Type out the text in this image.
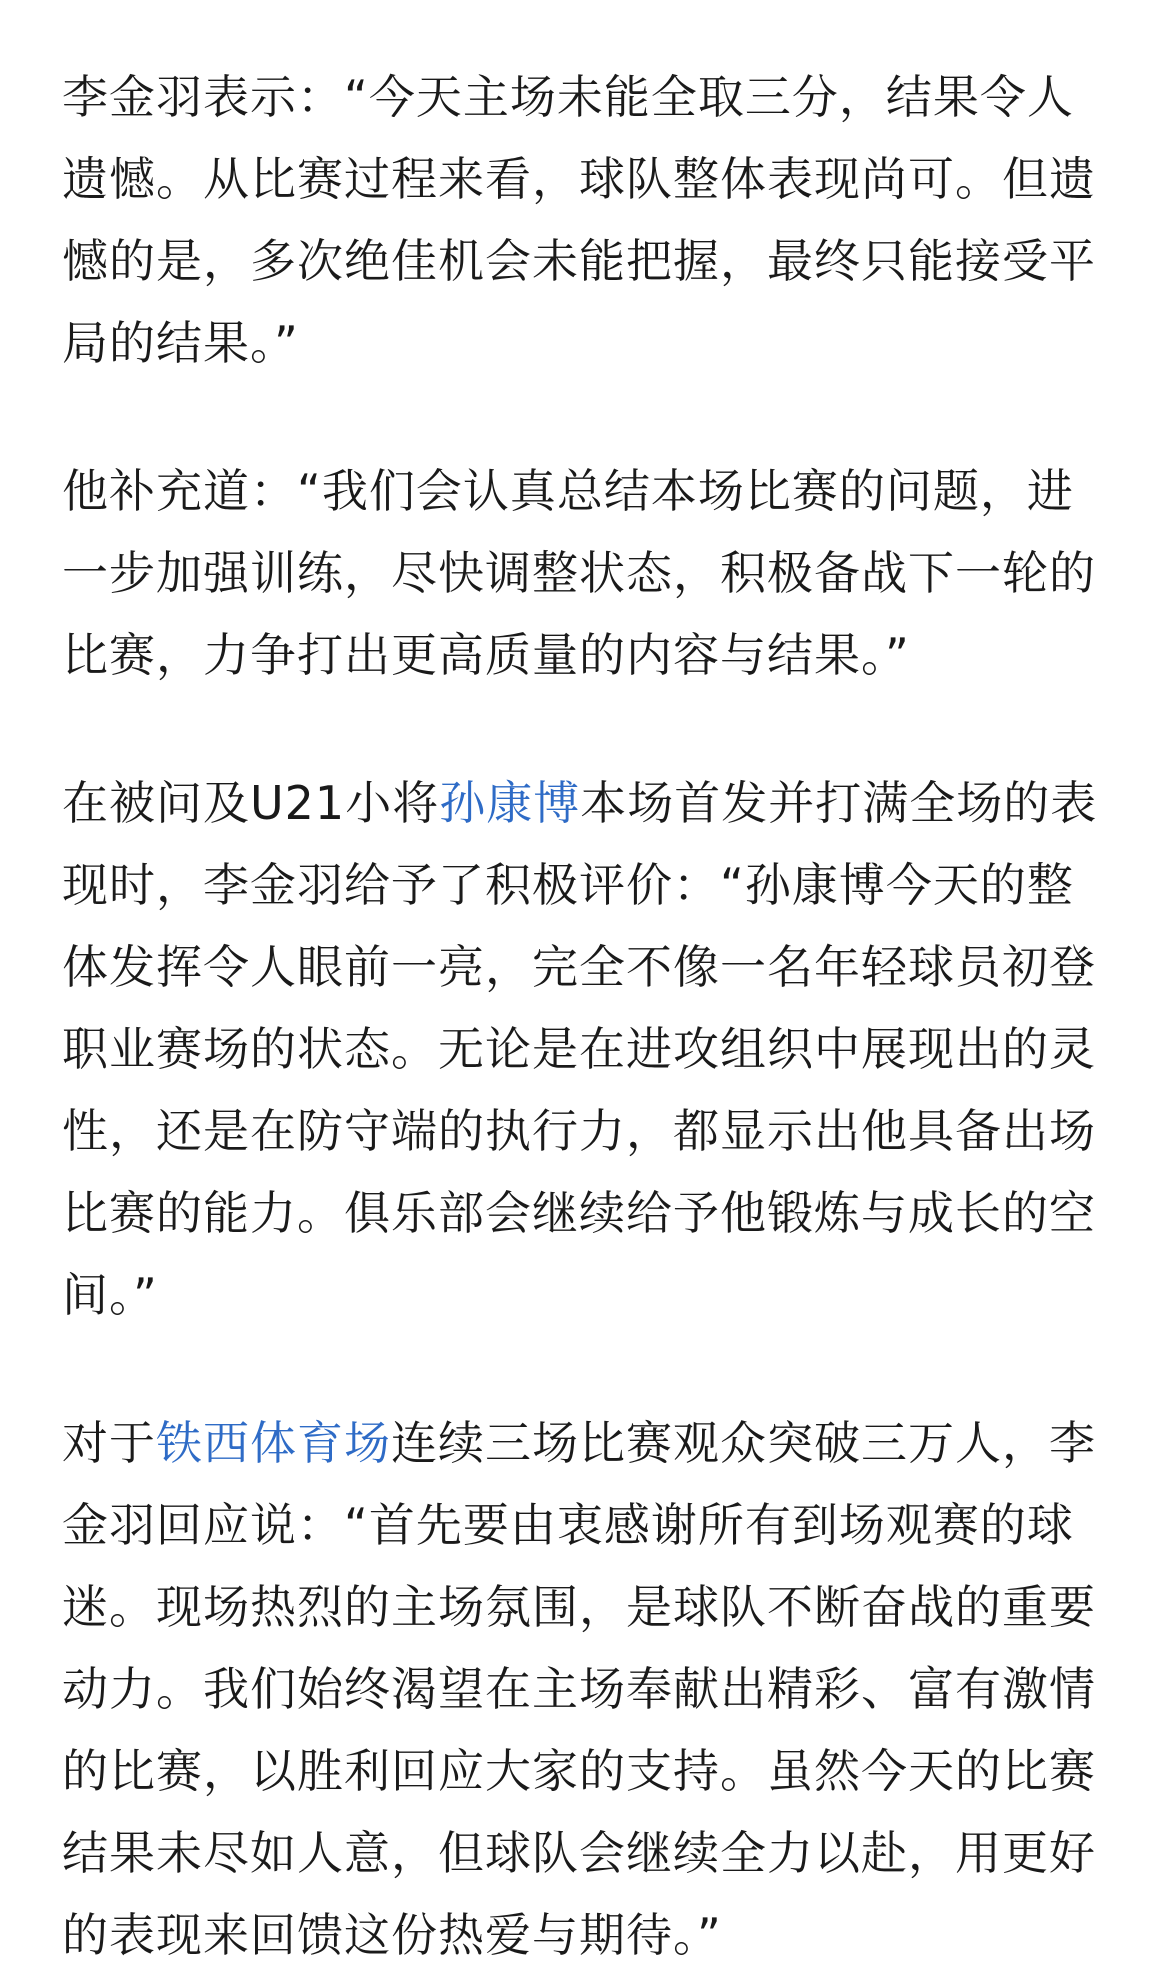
李金羽表示：“今天主场未能全取三分，结果令人遗憾。从比赛过程来看，球队整体表现尚可。但遗憾的是，多次绝佳机会未能把握，最终只能接受平局的结果。”

他补充道：“我们会认真总结本场比赛的问题，进一步加强训练，尽快调整状态，积极备战下一轮的比赛，力争打出更高质量的内容与结果。”

在被问及U21小将孙康博本场首发并打满全场的表现时，李金羽给予了积极评价：“孙康博今天的整体发挥令人眼前一亮，完全不像一名年轻球员初登职业赛场的状态。无论是在进攻组织中展现出的灵性，还是在防守端的执行力，都显示出他具备出场比赛的能力。俱乐部会继续给予他锻炼与成长的空间。”

对于铁西体育场连续三场比赛观众突破三万人，李金羽回应说：“首先要由衷感谢所有到场观赛的球迷。现场热烈的主场氛围，是球队不断奋战的重要动力。我们始终渴望在主场奉献出精彩、富有激情的比赛，以胜利回应大家的支持。虽然今天的比赛结果未尽如人意，但球队会继续全力以赴，用更好的表现来回馈这份热爱与期待。”
